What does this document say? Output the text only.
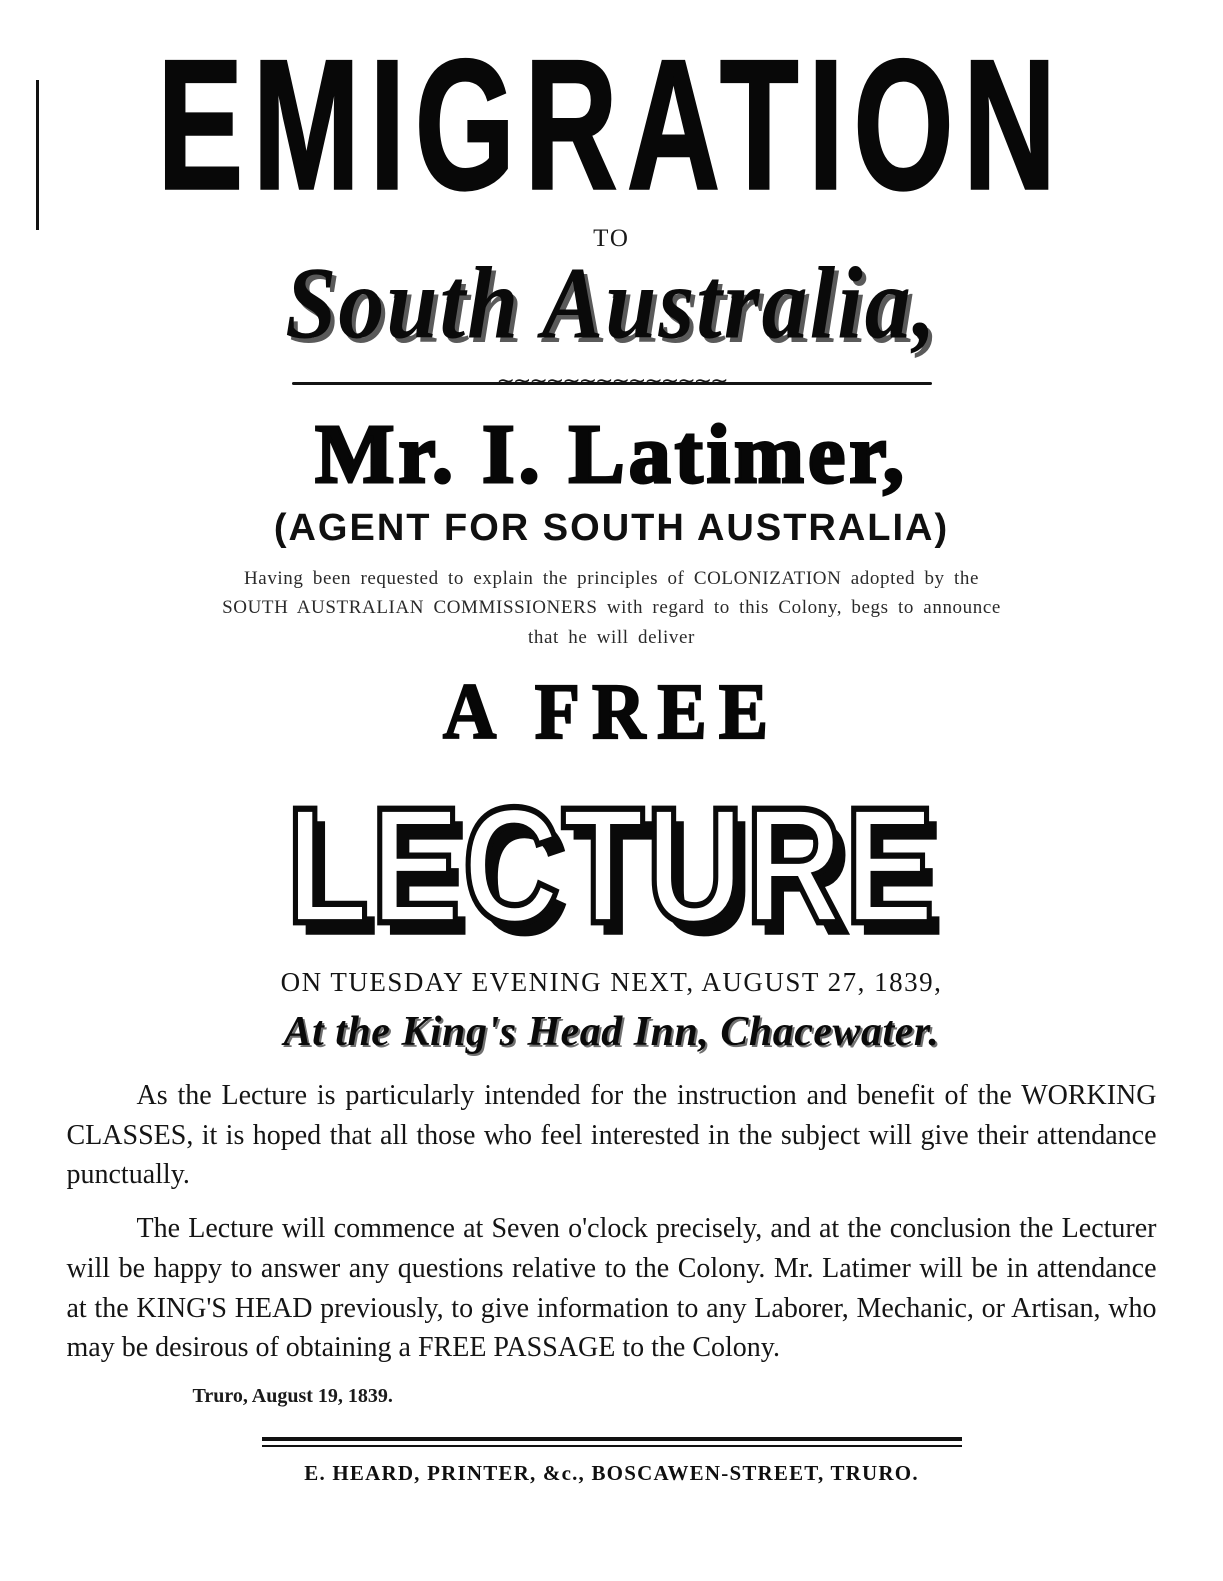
EMIGRATION
TO
South Australia,
~~~~~~~~~~~~~~
Mr. I. Latimer,
(AGENT FOR SOUTH AUSTRALIA)
Having been requested to explain the principles of COLONIZATION adopted by the
SOUTH AUSTRALIAN COMMISSIONERS with regard to this Colony, begs to announce
that he will deliver
A FREE
LECTURE
ON TUESDAY EVENING NEXT, AUGUST 27, 1839,
At the King's Head Inn, Chacewater.

As the Lecture is particularly intended for the instruction and benefit of the WORKING CLASSES, it is hoped that all those who feel interested in the subject will give their attendance punctually.

The Lecture will commence at Seven o'clock precisely, and at the conclusion the Lecturer will be happy to answer any questions relative to the Colony. Mr. Latimer will be in attendance at the KING'S HEAD previously, to give information to any Laborer, Mechanic, or Artisan, who may be desirous of obtaining a FREE PASSAGE to the Colony.

Truro, August 19, 1839.

E. HEARD, PRINTER, &c., BOSCAWEN-STREET, TRURO.
